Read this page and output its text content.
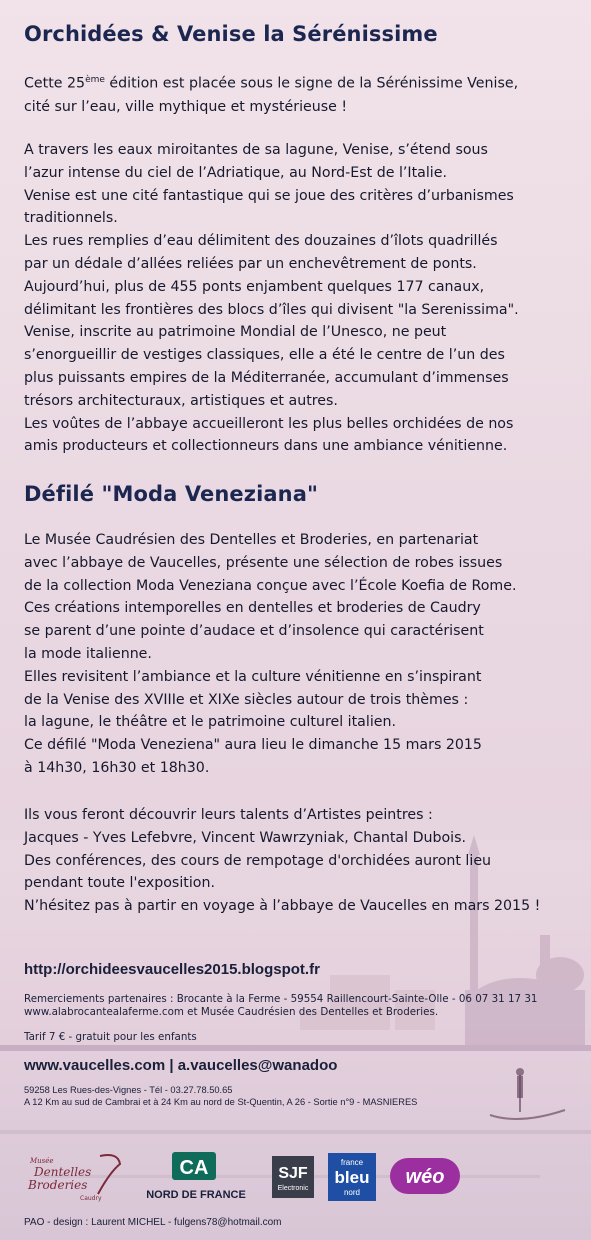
Orchidées & Venise la Sérénissime

Cette 25ème édition est placée sous le signe de la Sérénissime Venise,
cité sur l’eau, ville mythique et mystérieuse !

A travers les eaux miroitantes de sa lagune, Venise, s’étend sous
l’azur intense du ciel de l’Adriatique, au Nord-Est de l’Italie.
Venise est une cité fantastique qui se joue des critères d’urbanismes
traditionnels.
Les rues remplies d’eau délimitent des douzaines d’îlots quadrillés
par un dédale d’allées reliées par un enchevêtrement de ponts.
Aujourd’hui, plus de 455 ponts enjambent quelques 177 canaux,
délimitant les frontières des blocs d’îles qui divisent "la Serenissima".
Venise, inscrite au patrimoine Mondial de l’Unesco, ne peut
s’enorgueillir de vestiges classiques, elle a été le centre de l’un des
plus puissants empires de la Méditerranée, accumulant d’immenses
trésors architecturaux, artistiques et autres.
Les voûtes de l’abbaye accueilleront les plus belles orchidées de nos
amis producteurs et collectionneurs dans une ambiance vénitienne.

Défilé "Moda Veneziana"

Le Musée Caudrésien des Dentelles et Broderies, en partenariat
avec l’abbaye de Vaucelles, présente une sélection de robes issues
de la collection Moda Veneziana conçue avec l’École Koefia de Rome.
Ces créations intemporelles en dentelles et broderies de Caudry
se parent d’une pointe d’audace et d’insolence qui caractérisent
la mode italienne.
Elles revisitent l’ambiance et la culture vénitienne en s’inspirant
de la Venise des XVIIIe et XIXe siècles autour de trois thèmes :
la lagune, le théâtre et le patrimoine culturel italien.
Ce défilé "Moda Veneziena" aura lieu le dimanche 15 mars 2015
à 14h30, 16h30 et 18h30.

Ils vous feront découvrir leurs talents d’Artistes peintres :
Jacques - Yves Lefebvre, Vincent Wawrzyniak, Chantal Dubois.
Des conférences, des cours de rempotage d'orchidées auront lieu
pendant toute l'exposition.
N’hésitez pas à partir en voyage à l’abbaye de Vaucelles en mars 2015 !

http://orchideesvaucelles2015.blogspot.fr

Remerciements partenaires : Brocante à la Ferme - 59554 Raillencourt-Sainte-Olle - 06 07 31 17 31
www.alabrocantealaferme.com et Musée Caudrésien des Dentelles et Broderies.

Tarif 7 € - gratuit pour les enfants

www.vaucelles.com | a.vaucelles@wanadoo

59258 Les Rues-des-Vignes - Tél - 03.27.78.50.65
A 12 Km au sud de Cambrai et à 24 Km au nord de St-Quentin, A 26 - Sortie n°9 - MASNIERES

Musée
Dentelles
Broderies
Caudry
CA
NORD DE FRANCE
SJF
Electronic
france
bleu
nord
wéo

PAO - design : Laurent MICHEL - fulgens78@hotmail.com
